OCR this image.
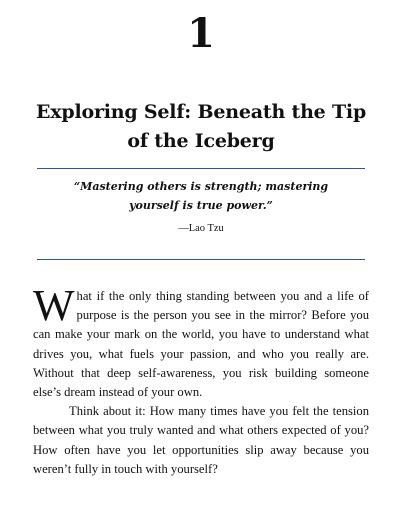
1
Exploring Self: Beneath the Tip of the Iceberg
“Mastering others is strength; mastering yourself is true power.”
—Lao Tzu

What if the only thing standing between you and a life of purpose is the person you see in the mirror? Before you can make your mark on the world, you have to understand what drives you, what fuels your passion, and who you really are. Without that deep self-awareness, you risk building someone else’s dream instead of your own.

Think about it: How many times have you felt the tension between what you truly wanted and what others expected of you? How often have you let opportunities slip away because you weren’t fully in touch with yourself?
